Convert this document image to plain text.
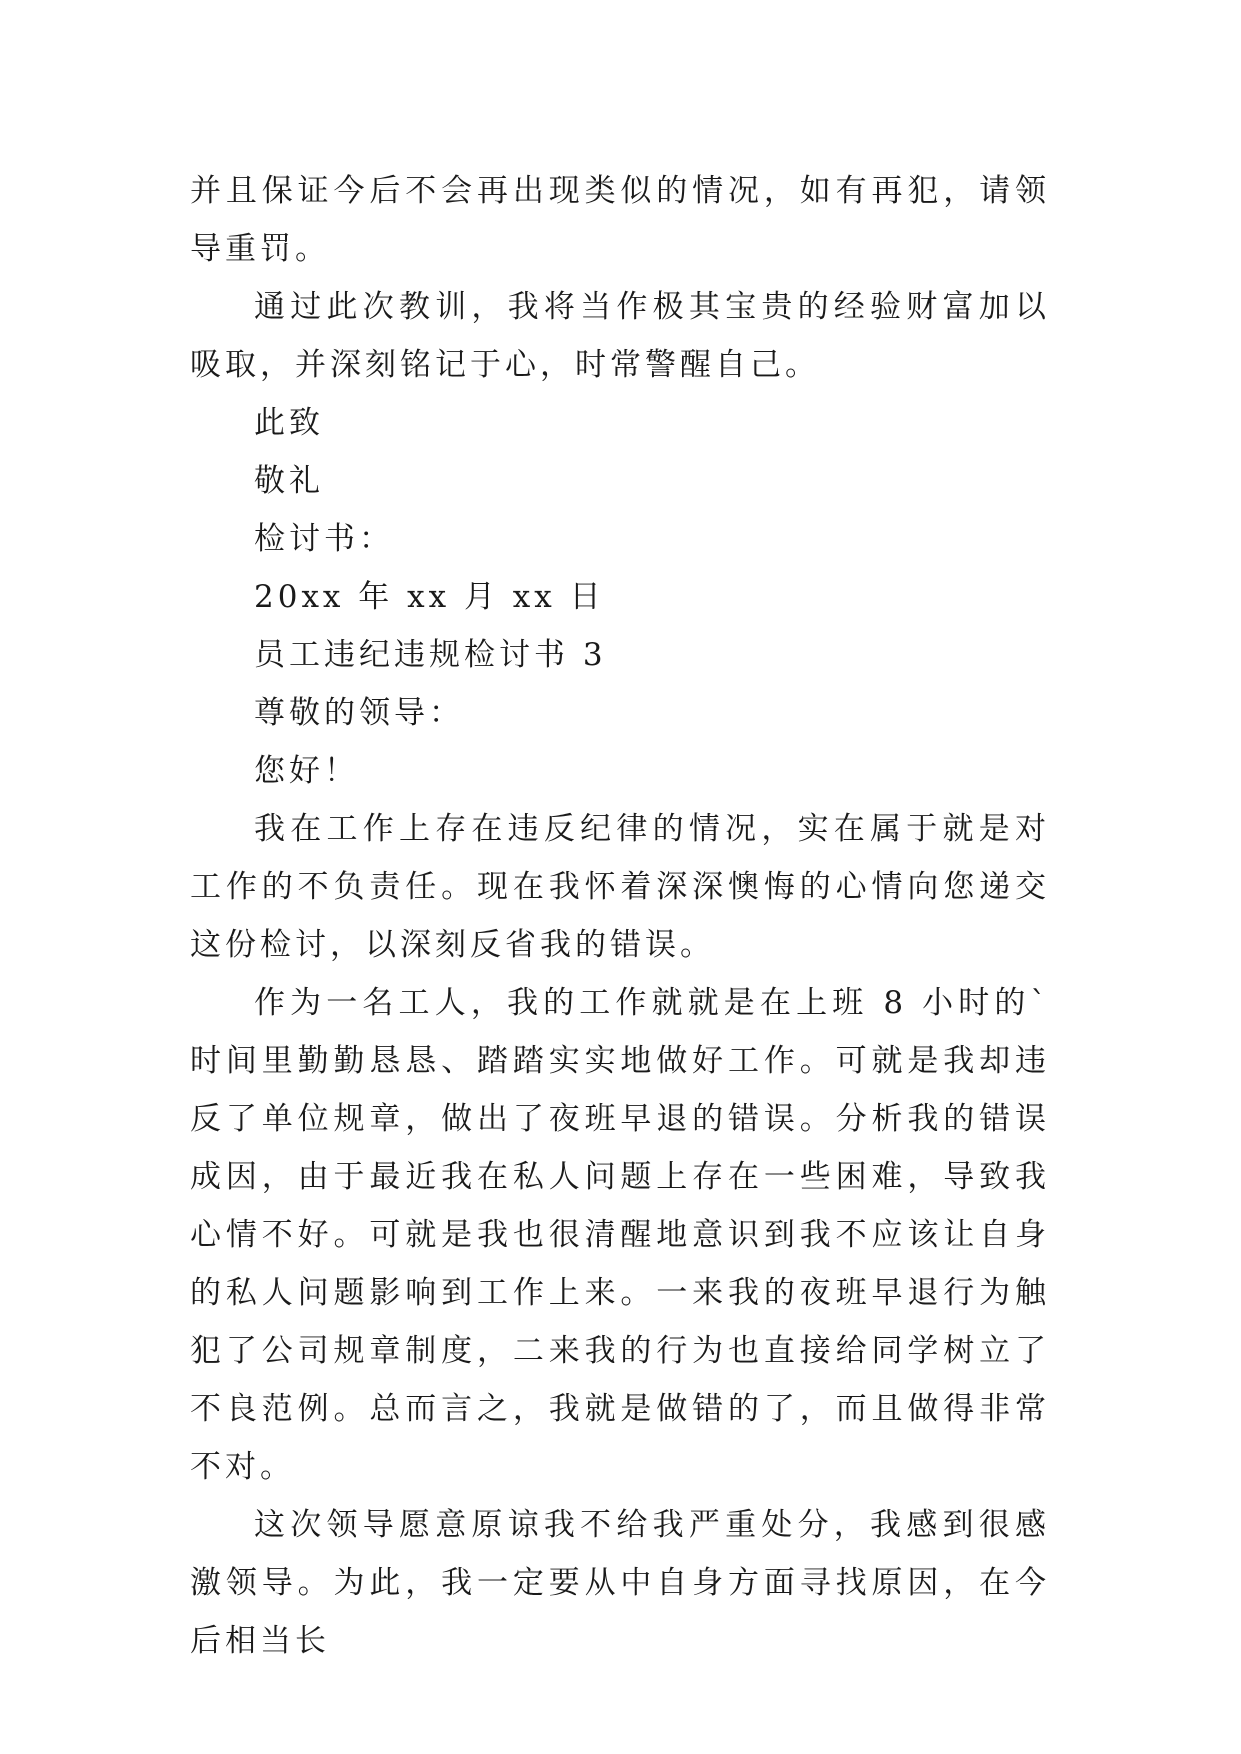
并且保证今后不会再出现类似的情况，如有再犯，请领导重罚。

通过此次教训，我将当作极其宝贵的经验财富加以吸取，并深刻铭记于心，时常警醒自己。

此致

敬礼

检讨书：

20xx 年 xx 月 xx 日

员工违纪违规检讨书 3

尊敬的领导：

您好！

我在工作上存在违反纪律的情况，实在属于就是对工作的不负责任。现在我怀着深深懊悔的心情向您递交这份检讨，以深刻反省我的错误。

作为一名工人，我的工作就就是在上班 8 小时的`时间里勤勤恳恳、踏踏实实地做好工作。可就是我却违反了单位规章，做出了夜班早退的错误。分析我的错误成因，由于最近我在私人问题上存在一些困难，导致我心情不好。可就是我也很清醒地意识到我不应该让自身的私人问题影响到工作上来。一来我的夜班早退行为触犯了公司规章制度，二来我的行为也直接给同学树立了不良范例。总而言之，我就是做错的了，而且做得非常不对。

这次领导愿意原谅我不给我严重处分，我感到很感激领导。为此，我一定要从中自身方面寻找原因，在今后相当长
